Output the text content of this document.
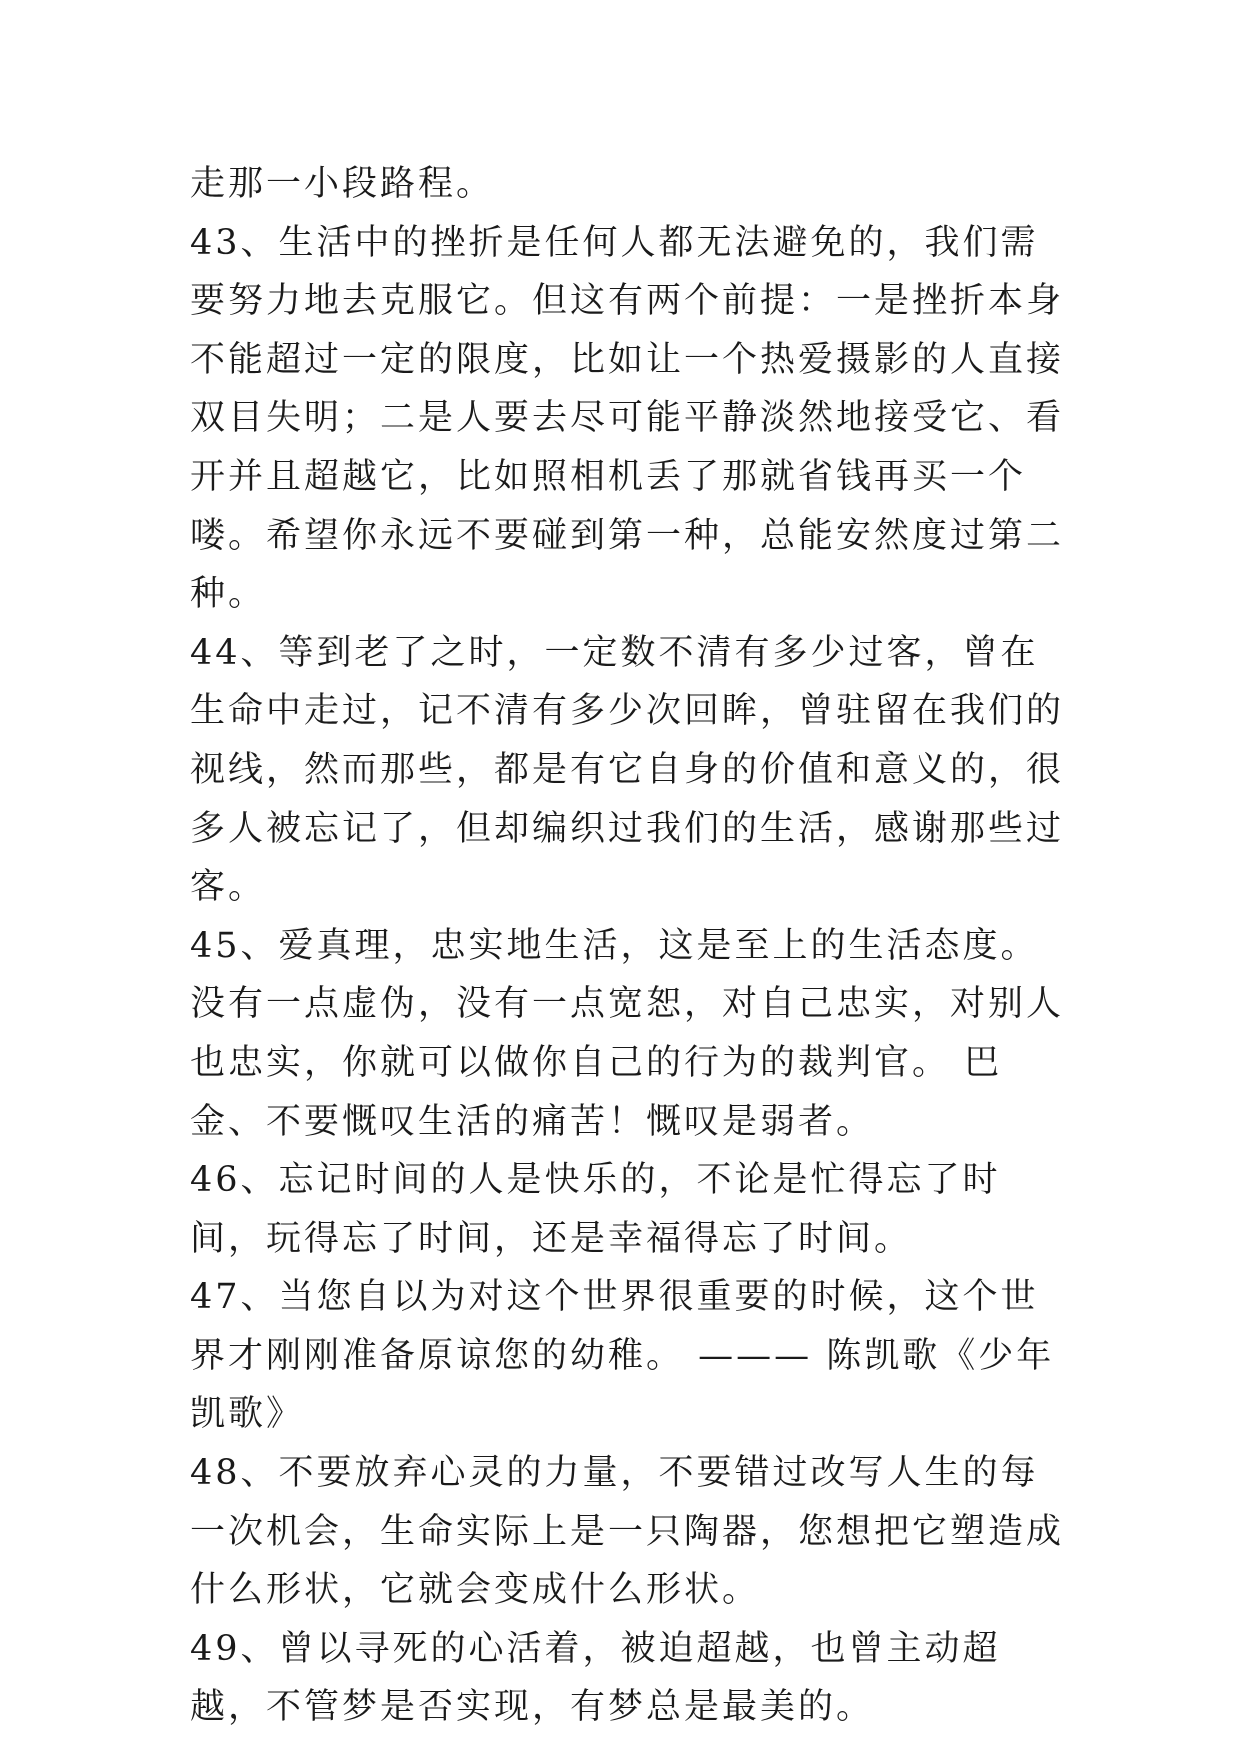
走那一小段路程。

43、生活中的挫折是任何人都无法避免的，我们需要努力地去克服它。但这有两个前提：一是挫折本身不能超过一定的限度，比如让一个热爱摄影的人直接双目失明；二是人要去尽可能平静淡然地接受它、看开并且超越它，比如照相机丢了那就省钱再买一个喽。希望你永远不要碰到第一种，总能安然度过第二种。

44、等到老了之时，一定数不清有多少过客，曾在生命中走过，记不清有多少次回眸，曾驻留在我们的视线，然而那些，都是有它自身的价值和意义的，很多人被忘记了，但却编织过我们的生活，感谢那些过客。

45、爱真理，忠实地生活，这是至上的生活态度。没有一点虚伪，没有一点宽恕，对自己忠实，对别人也忠实，你就可以做你自己的行为的裁判官。 巴金、不要慨叹生活的痛苦！慨叹是弱者。

46、忘记时间的人是快乐的，不论是忙得忘了时间，玩得忘了时间，还是幸福得忘了时间。

47、当您自以为对这个世界很重要的时候，这个世界才刚刚准备原谅您的幼稚。 ——— 陈凯歌《少年凯歌》

48、不要放弃心灵的力量，不要错过改写人生的每一次机会，生命实际上是一只陶器，您想把它塑造成什么形状，它就会变成什么形状。

49、曾以寻死的心活着，被迫超越，也曾主动超越，不管梦是否实现，有梦总是最美的。
